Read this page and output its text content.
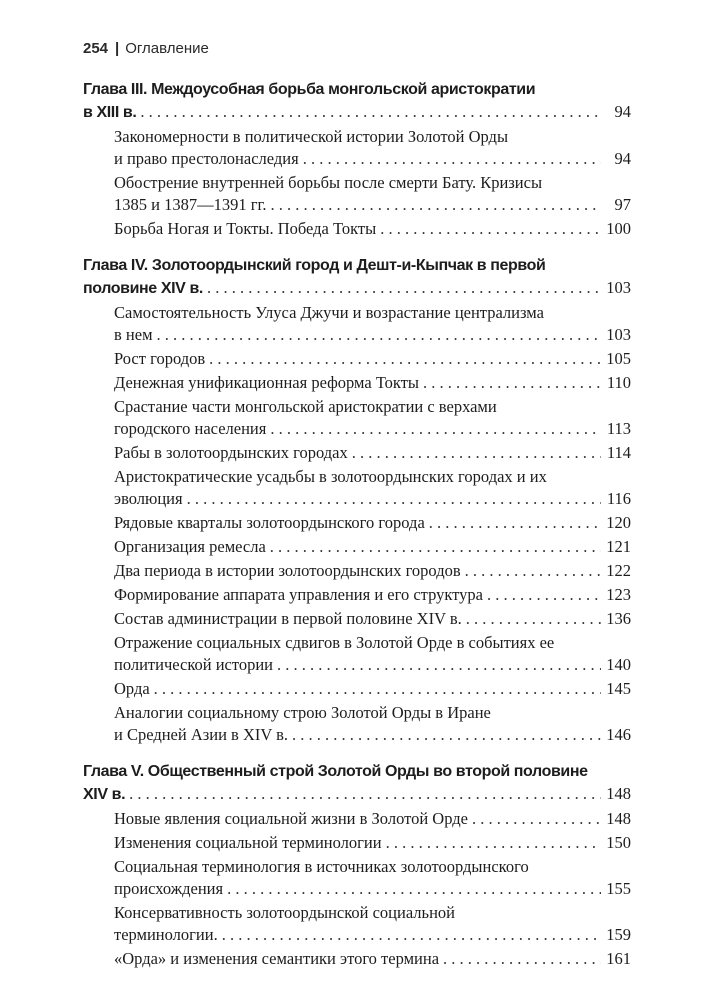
254 | Оглавление
Глава III. Междоусобная борьба монгольской аристократии
в XIII в. . . .	94
Закономерности в политической истории Золотой Орды
и право престолонаследия . . .	94
Обострение внутренней борьбы после смерти Бату. Кризисы
1385 и 1387—1391 гг. . . .	97
Борьба Ногая и Токты. Победа Токты . . .	100
Глава IV. Золотоордынский город и Дешт-и-Кыпчак в первой
половине XIV в. . . .	103
Самостоятельность Улуса Джучи и возрастание централизма
в нем . . .	103
Рост городов . . .	105
Денежная унификационная реформа Токты . . .	110
Срастание части монгольской аристократии с верхами
городского населения . . .	113
Рабы в золотоордынских городах . . .	114
Аристократические усадьбы в золотоордынских городах и их
эволюция . . .	116
Рядовые кварталы золотоордынского города . . .	120
Организация ремесла . . .	121
Два периода в истории золотоордынских городов . . .	122
Формирование аппарата управления и его структура . . .	123
Состав администрации в первой половине XIV в. . . .	136
Отражение социальных сдвигов в Золотой Орде в событиях ее
политической истории . . .	140
Орда . . .	145
Аналогии социальному строю Золотой Орды в Иране
и Средней Азии в XIV в. . . .	146
Глава V. Общественный строй Золотой Орды во второй половине
XIV в. . . .	148
Новые явления социальной жизни в Золотой Орде . . .	148
Изменения социальной терминологии . . .	150
Социальная терминология в источниках золотоордынского
происхождения . . .	155
Консервативность золотоордынской социальной
терминологии. . . .	159
«Орда» и изменения семантики этого термина . . .	161
